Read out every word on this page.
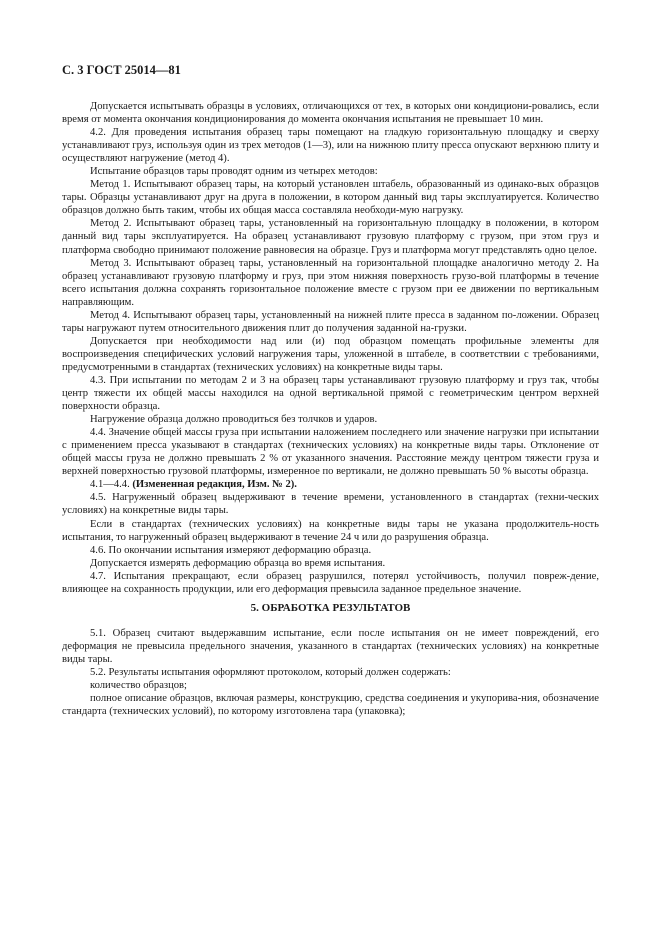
С. 3 ГОСТ 25014—81

Допускается испытывать образцы в условиях, отличающихся от тех, в которых они кондициони-ровались, если время от момента окончания кондиционирования до момента окончания испытания не превышает 10 мин.

4.2. Для проведения испытания образец тары помещают на гладкую горизонтальную площадку и сверху устанавливают груз, используя один из трех методов (1—3), или на нижнюю плиту пресса опускают верхнюю плиту и осуществляют нагружение (метод 4).

Испытание образцов тары проводят одним из четырех методов:

Метод 1. Испытывают образец тары, на который установлен штабель, образованный из одинако-вых образцов тары. Образцы устанавливают друг на друга в положении, в котором данный вид тары эксплуатируется. Количество образцов должно быть таким, чтобы их общая масса составляла необходи-мую нагрузку.

Метод 2. Испытывают образец тары, установленный на горизонтальную площадку в положении, в котором данный вид тары эксплуатируется. На образец устанавливают грузовую платформу с грузом, при этом груз и платформа свободно принимают положение равновесия на образце. Груз и платформа могут представлять одно целое.

Метод 3. Испытывают образец тары, установленный на горизонтальной площадке аналогично методу 2. На образец устанавливают грузовую платформу и груз, при этом нижняя поверхность грузо-вой платформы в течение всего испытания должна сохранять горизонтальное положение вместе с грузом при ее движении по вертикальным направляющим.

Метод 4. Испытывают образец тары, установленный на нижней плите пресса в заданном по-ложении. Образец тары нагружают путем относительного движения плит до получения заданной на-грузки.

Допускается при необходимости над или (и) под образцом помещать профильные элементы для воспроизведения специфических условий нагружения тары, уложенной в штабеле, в соответствии с требованиями, предусмотренными в стандартах (технических условиях) на конкретные виды тары.

4.3. При испытании по методам 2 и 3 на образец тары устанавливают грузовую платформу и груз так, чтобы центр тяжести их общей массы находился на одной вертикальной прямой с геометрическим центром верхней поверхности образца.

Нагружение образца должно проводиться без толчков и ударов.

4.4. Значение общей массы груза при испытании наложением последнего или значение нагрузки при испытании с применением пресса указывают в стандартах (технических условиях) на конкретные виды тары. Отклонение от общей массы груза не должно превышать 2 % от указанного значения. Расстояние между центром тяжести груза и верхней поверхностью грузовой платформы, измеренное по вертикали, не должно превышать 50 % высоты образца.

4.1—4.4. (Измененная редакция, Изм. № 2).

4.5. Нагруженный образец выдерживают в течение времени, установленного в стандартах (техни-ческих условиях) на конкретные виды тары.

Если в стандартах (технических условиях) на конкретные виды тары не указана продолжитель-ность испытания, то нагруженный образец выдерживают в течение 24 ч или до разрушения образца.

4.6. По окончании испытания измеряют деформацию образца.

Допускается измерять деформацию образца во время испытания.

4.7. Испытания прекращают, если образец разрушился, потерял устойчивость, получил повреж-дение, влияющее на сохранность продукции, или его деформация превысила заданное предельное значение.

5. ОБРАБОТКА РЕЗУЛЬТАТОВ

5.1. Образец считают выдержавшим испытание, если после испытания он не имеет повреждений, его деформация не превысила предельного значения, указанного в стандартах (технических условиях) на конкретные виды тары.

5.2. Результаты испытания оформляют протоколом, который должен содержать:

количество образцов;

полное описание образцов, включая размеры, конструкцию, средства соединения и укупорива-ния, обозначение стандарта (технических условий), по которому изготовлена тара (упаковка);
